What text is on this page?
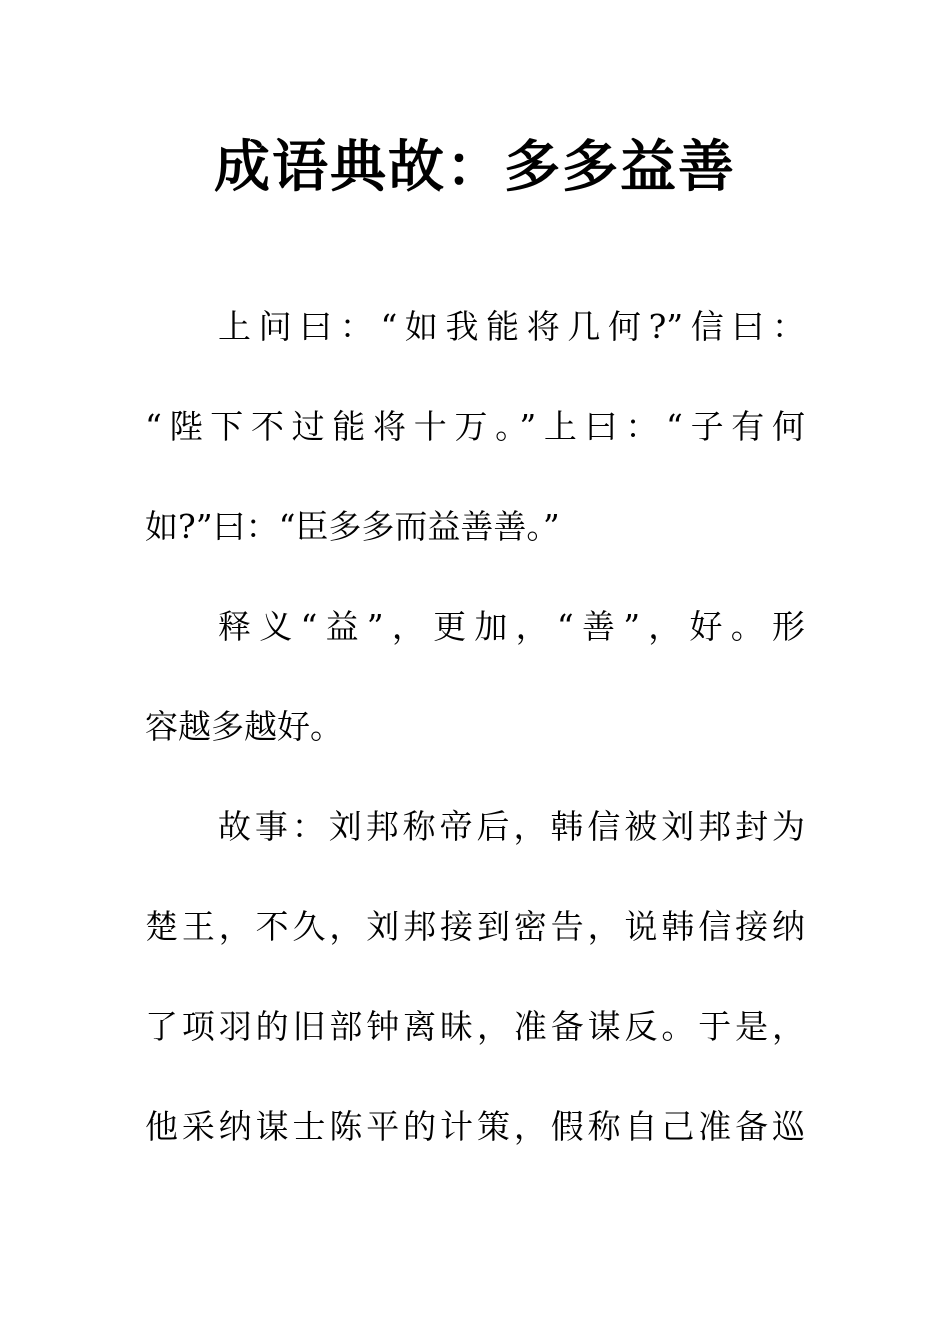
成语典故：多多益善
上问曰：“如我能将几何?”信曰：
“陛下不过能将十万。”上曰：“子有何
如?”曰：“臣多多而益善善。”
释义“益”，更加，“善”，好。形
容越多越好。
故事：刘邦称帝后，韩信被刘邦封为
楚王，不久，刘邦接到密告，说韩信接纳
了项羽的旧部钟离昧，准备谋反。于是，
他采纳谋士陈平的计策，假称自己准备巡
